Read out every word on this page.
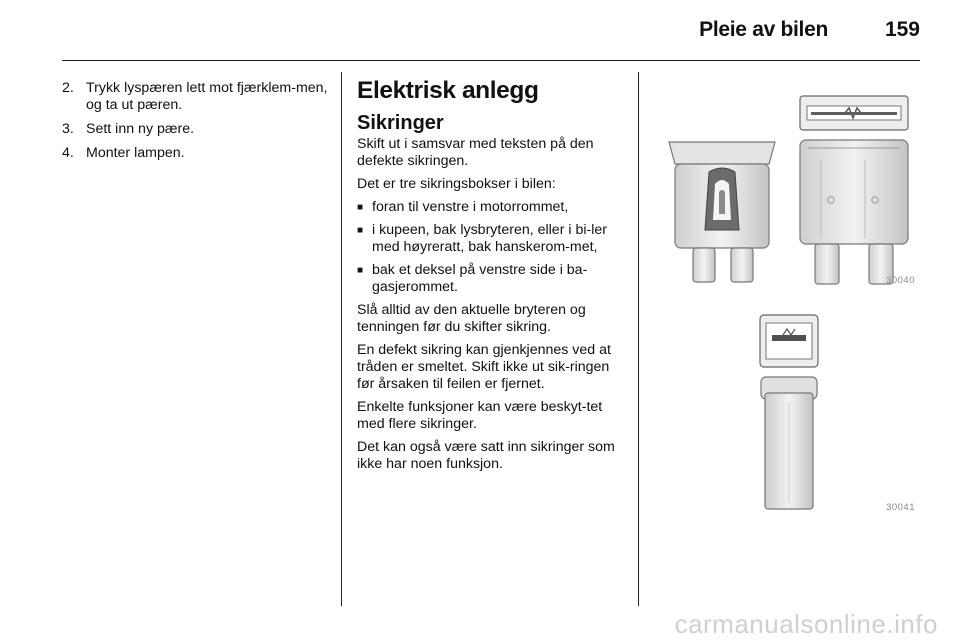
Pleie av bilen	159
2. Trykk lyspæren lett mot fjærklem-men, og ta ut pæren.
3. Sett inn ny pære.
4. Monter lampen.
Elektrisk anlegg
Sikringer

Skift ut i samsvar med teksten på den defekte sikringen.

Det er tre sikringsbokser i bilen:

■ foran til venstre i motorrommet,
■ i kupeen, bak lysbryteren, eller i bi-ler med høyreratt, bak hanskerom-met,
■ bak et deksel på venstre side i ba-gasjerommet.

Slå alltid av den aktuelle bryteren og tenningen før du skifter sikring.

En defekt sikring kan gjenkjennes ved at tråden er smeltet. Skift ikke ut sik-ringen før årsaken til feilen er fjernet.

Enkelte funksjoner kan være beskyt-tet med flere sikringer.

Det kan også være satt inn sikringer som ikke har noen funksjon.

30040
30041
carmanualsonline.info
